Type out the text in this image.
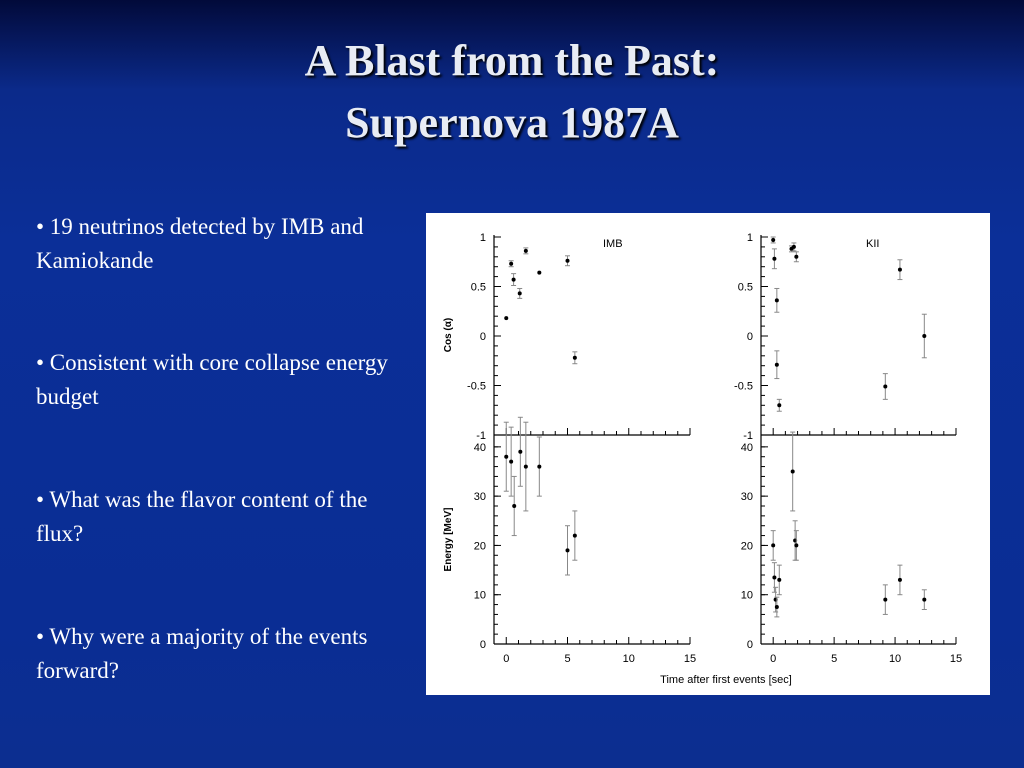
A Blast from the Past:
Supernova 1987A
• 19 neutrinos detected by IMB and Kamiokande
• Consistent with core collapse energy budget
• What was the flavor content of the flux?
• Why were a majority of the events forward?
1
0.5
0
-0.5
-1
IMB
Cos (α)
1
0.5
0
-0.5
-1
KII
0	5	10	15
40
30
20
10
0
Energy [MeV]
0	5	10	15
40
30
20
10
0
Time after first events [sec]
